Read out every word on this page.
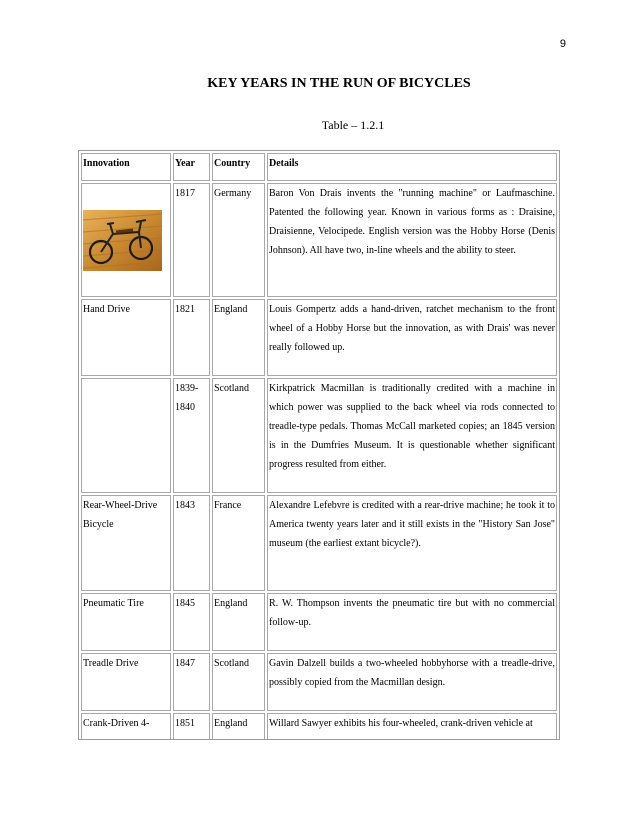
9
KEY YEARS IN THE RUN OF BICYCLES
Table – 1.2.1
Innovation	Year	Country	Details

	1817	Germany	Baron Von Drais invents the "running machine" or Laufmaschine. Patented the following year. Known in various forms as : Draisine, Draisienne, Velocipede. English version was the Hobby Horse (Denis Johnson). All have two, in-line wheels and the ability to steer.
Hand Drive	1821	England	Louis Gompertz adds a hand-driven, ratchet mechanism to the front wheel of a Hobby Horse but the innovation, as with Drais' was never really followed up.
	1839-1840	Scotland	Kirkpatrick Macmillan is traditionally credited with a machine in which power was supplied to the back wheel via rods connected to treadle-type pedals. Thomas McCall marketed copies; an 1845 version is in the Dumfries Museum. It is questionable whether significant progress resulted from either.
Rear-Wheel-Drive Bicycle	1843	France	Alexandre Lefebvre is credited with a rear-drive machine; he took it to America twenty years later and it still exists in the "History San Jose" museum (the earliest extant bicycle?).
Pneumatic Tire	1845	England	R. W. Thompson invents the pneumatic tire but with no commercial follow-up.
Treadle Drive	1847	Scotland	Gavin Dalzell builds a two-wheeled hobbyhorse with a treadle-drive, possibly copied from the Macmillan design.
Crank-Driven 4-	1851	England	Willard Sawyer exhibits his four-wheeled, crank-driven vehicle at
